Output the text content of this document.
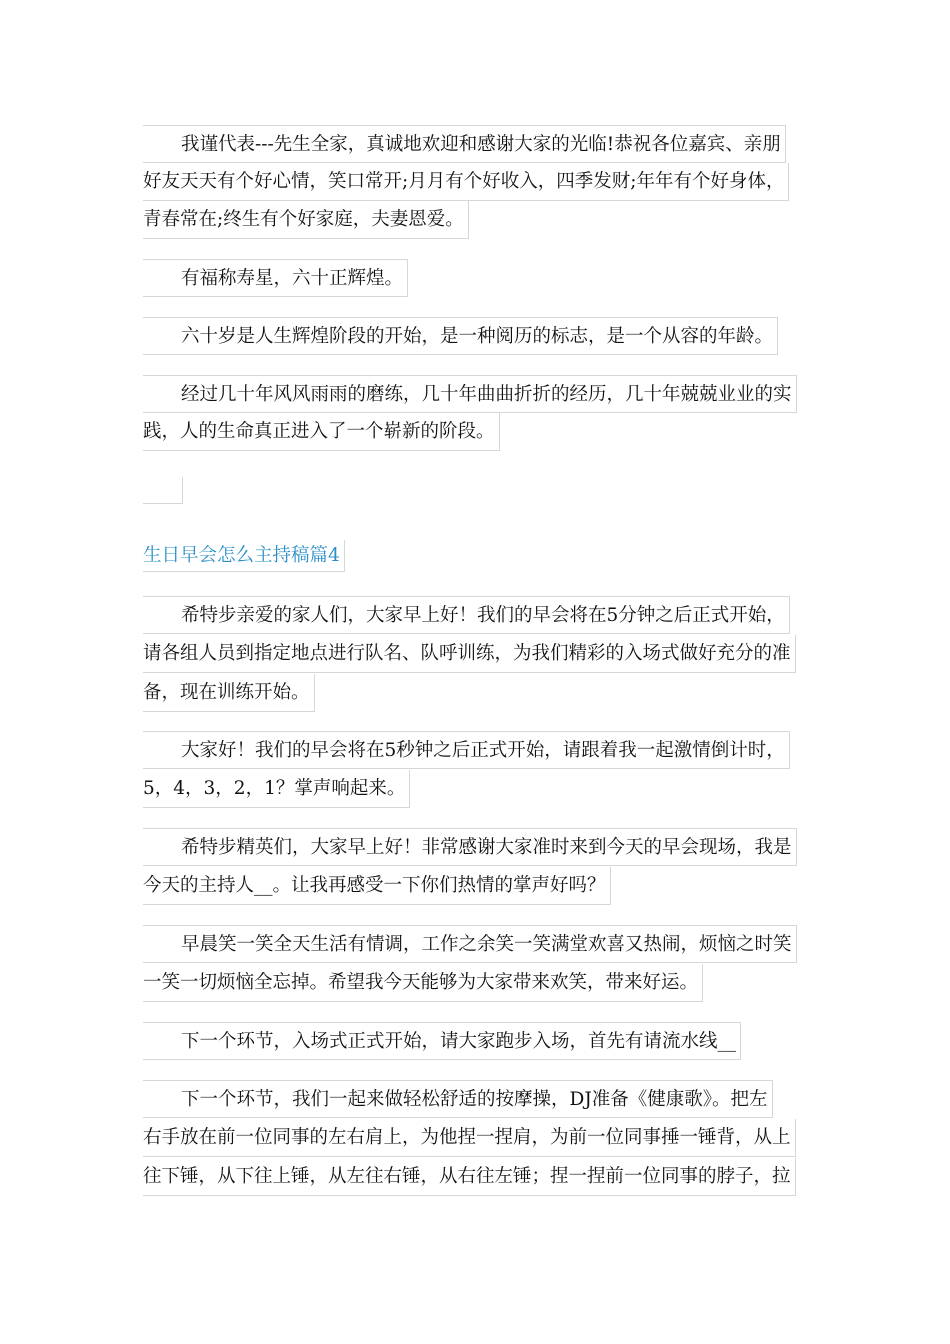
我谨代表---先生全家，真诚地欢迎和感谢大家的光临!恭祝各位嘉宾、亲朋
好友天天有个好心情，笑口常开;月月有个好收入，四季发财;年年有个好身体，
青春常在;终生有个好家庭，夫妻恩爱。
有福称寿星，六十正辉煌。
六十岁是人生辉煌阶段的开始，是一种阅历的标志，是一个从容的年龄。
经过几十年风风雨雨的磨练，几十年曲曲折折的经历，几十年兢兢业业的实
践，人的生命真正进入了一个崭新的阶段。
生日早会怎么主持稿篇4
希特步亲爱的家人们，大家早上好！我们的早会将在5分钟之后正式开始，
请各组人员到指定地点进行队名、队呼训练，为我们精彩的入场式做好充分的准
备，现在训练开始。
大家好！我们的早会将在5秒钟之后正式开始，请跟着我一起激情倒计时，
5，4，3，2，1？掌声响起来。
希特步精英们，大家早上好！非常感谢大家准时来到今天的早会现场，我是
今天的主持人__。让我再感受一下你们热情的掌声好吗？
早晨笑一笑全天生活有情调，工作之余笑一笑满堂欢喜又热闹，烦恼之时笑
一笑一切烦恼全忘掉。希望我今天能够为大家带来欢笑，带来好运。
下一个环节，入场式正式开始，请大家跑步入场，首先有请流水线__
下一个环节，我们一起来做轻松舒适的按摩操，DJ准备《健康歌》。把左
右手放在前一位同事的左右肩上，为他捏一捏肩，为前一位同事捶一锤背，从上
往下锤，从下往上锤，从左往右锤，从右往左锤；捏一捏前一位同事的脖子，拉
